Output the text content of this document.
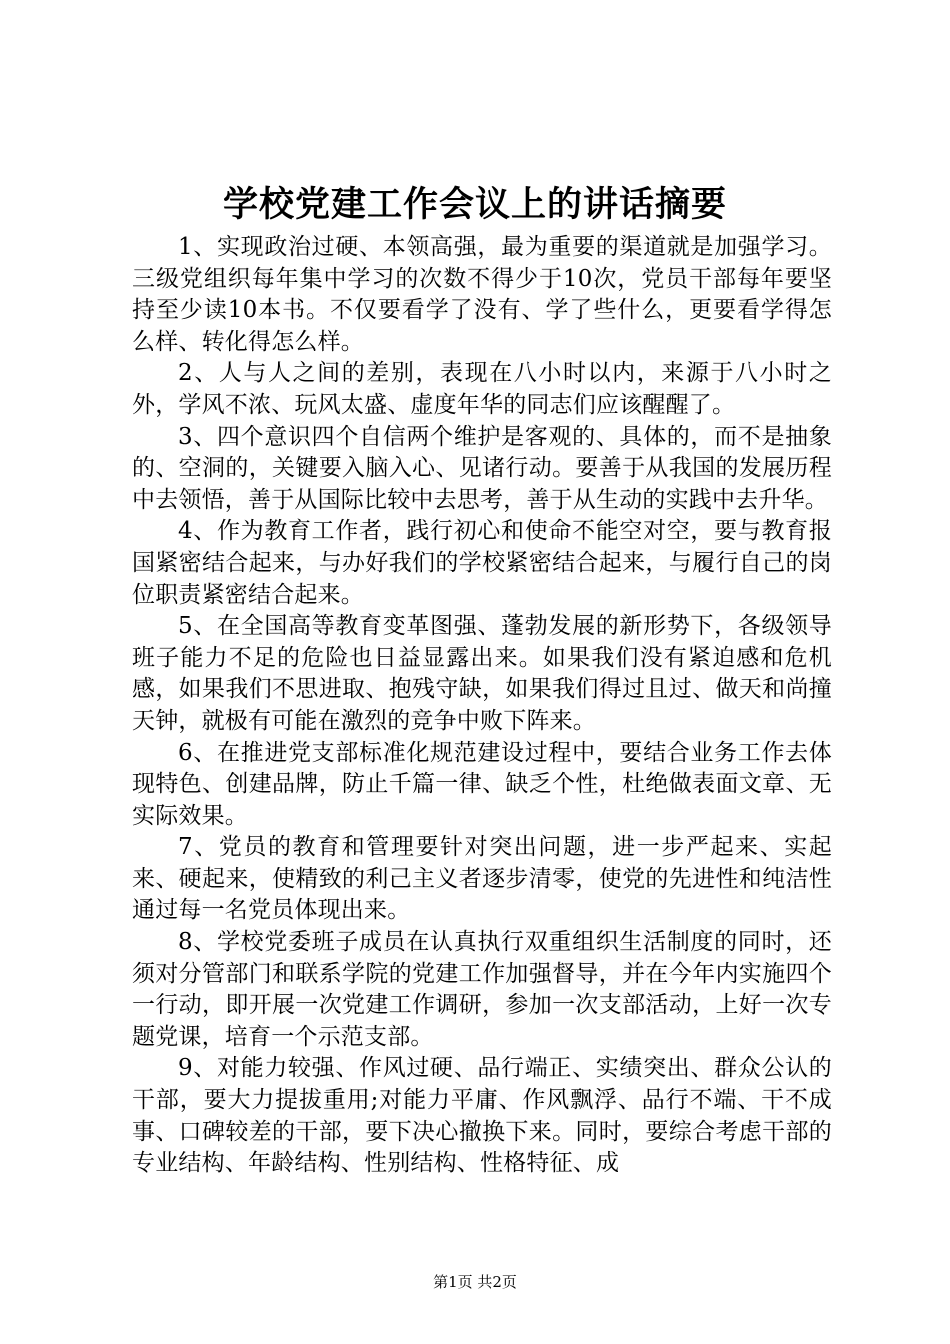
学校党建工作会议上的讲话摘要

1、实现政治过硬、本领高强，最为重要的渠道就是加强学习。三级党组织每年集中学习的次数不得少于10次，党员干部每年要坚持至少读10本书。不仅要看学了没有、学了些什么，更要看学得怎么样、转化得怎么样。

2、人与人之间的差别，表现在八小时以内，来源于八小时之外，学风不浓、玩风太盛、虚度年华的同志们应该醒醒了。

3、四个意识四个自信两个维护是客观的、具体的，而不是抽象的、空洞的，关键要入脑入心、见诸行动。要善于从我国的发展历程中去领悟，善于从国际比较中去思考，善于从生动的实践中去升华。

4、作为教育工作者，践行初心和使命不能空对空，要与教育报国紧密结合起来，与办好我们的学校紧密结合起来，与履行自己的岗位职责紧密结合起来。

5、在全国高等教育变革图强、蓬勃发展的新形势下，各级领导班子能力不足的危险也日益显露出来。如果我们没有紧迫感和危机感，如果我们不思进取、抱残守缺，如果我们得过且过、做天和尚撞天钟，就极有可能在激烈的竞争中败下阵来。

6、在推进党支部标准化规范建设过程中，要结合业务工作去体现特色、创建品牌，防止千篇一律、缺乏个性，杜绝做表面文章、无实际效果。

7、党员的教育和管理要针对突出问题，进一步严起来、实起来、硬起来，使精致的利己主义者逐步清零，使党的先进性和纯洁性通过每一名党员体现出来。

8、学校党委班子成员在认真执行双重组织生活制度的同时，还须对分管部门和联系学院的党建工作加强督导，并在今年内实施四个一行动，即开展一次党建工作调研，参加一次支部活动，上好一次专题党课，培育一个示范支部。

9、对能力较强、作风过硬、品行端正、实绩突出、群众公认的干部，要大力提拔重用;对能力平庸、作风飘浮、品行不端、干不成事、口碑较差的干部，要下决心撤换下来。同时，要综合考虑干部的专业结构、年龄结构、性别结构、性格特征、成

第1页 共2页
